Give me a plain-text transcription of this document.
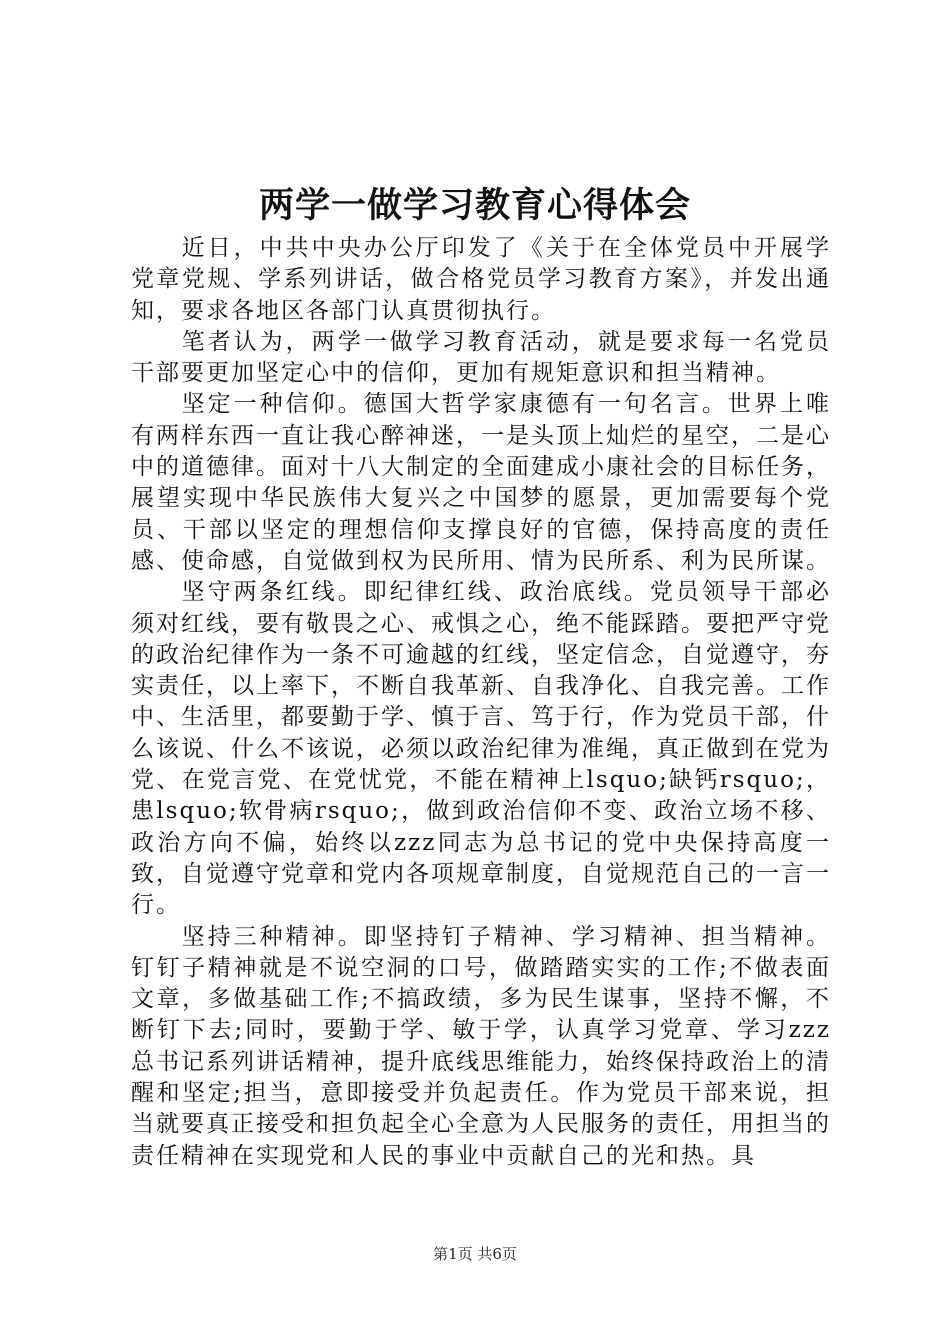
两学一做学习教育心得体会

近日，中共中央办公厅印发了《关于在全体党员中开展学党章党规、学系列讲话，做合格党员学习教育方案》，并发出通知，要求各地区各部门认真贯彻执行。

笔者认为，两学一做学习教育活动，就是要求每一名党员干部要更加坚定心中的信仰，更加有规矩意识和担当精神。

坚定一种信仰。德国大哲学家康德有一句名言。世界上唯有两样东西一直让我心醉神迷，一是头顶上灿烂的星空，二是心中的道德律。面对十八大制定的全面建成小康社会的目标任务，展望实现中华民族伟大复兴之中国梦的愿景，更加需要每个党员、干部以坚定的理想信仰支撑良好的官德，保持高度的责任感、使命感，自觉做到权为民所用、情为民所系、利为民所谋。

坚守两条红线。即纪律红线、政治底线。党员领导干部必须对红线，要有敬畏之心、戒惧之心，绝不能踩踏。要把严守党的政治纪律作为一条不可逾越的红线，坚定信念，自觉遵守，夯实责任，以上率下，不断自我革新、自我净化、自我完善。工作中、生活里，都要勤于学、慎于言、笃于行，作为党员干部，什么该说、什么不该说，必须以政治纪律为准绳，真正做到在党为党、在党言党、在党忧党，不能在精神上lsquo;缺钙rsquo;，患lsquo;软骨病rsquo;，做到政治信仰不变、政治立场不移、政治方向不偏，始终以zzz同志为总书记的党中央保持高度一致，自觉遵守党章和党内各项规章制度，自觉规范自己的一言一行。

坚持三种精神。即坚持钉子精神、学习精神、担当精神。钉钉子精神就是不说空洞的口号，做踏踏实实的工作;不做表面文章，多做基础工作;不搞政绩，多为民生谋事，坚持不懈，不断钉下去;同时，要勤于学、敏于学，认真学习党章、学习zzz总书记系列讲话精神，提升底线思维能力，始终保持政治上的清醒和坚定;担当，意即接受并负起责任。作为党员干部来说，担当就要真正接受和担负起全心全意为人民服务的责任，用担当的责任精神在实现党和人民的事业中贡献自己的光和热。具

第1页 共6页
